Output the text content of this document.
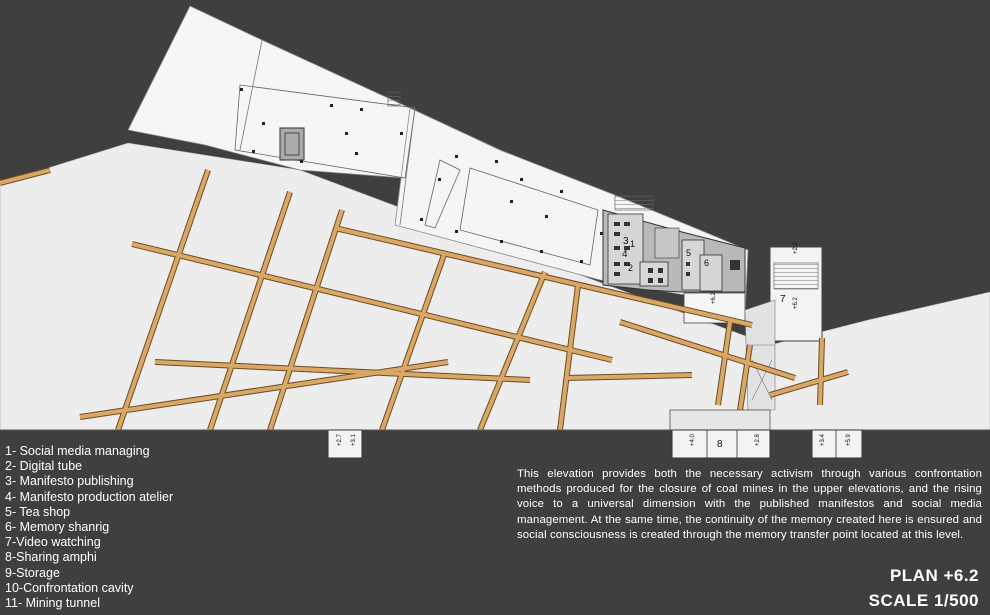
1
2
3
4	5
6
7
8
+2.2
+6.2
+6.2
+2.7 +3.1	+4.0	+2.8	+3.4	+5.9
1- Social media managing
2- Digital tube
3- Manifesto publishing
4- Manifesto production atelier
5- Tea shop
6- Memory shanrig
7-Video watching
8-Sharing amphi
9-Storage
10-Confrontation cavity
11- Mining tunnel

This elevation provides both the necessary activism through various confrontation methods produced for the closure of coal mines in the upper elevations, and the rising voice to a universal dimension with the published manifestos and social media management. At the same time, the continuity of the memory created here is ensured and social consciousness is created through the memory transfer point located at this level.

PLAN +6.2
SCALE 1/500
